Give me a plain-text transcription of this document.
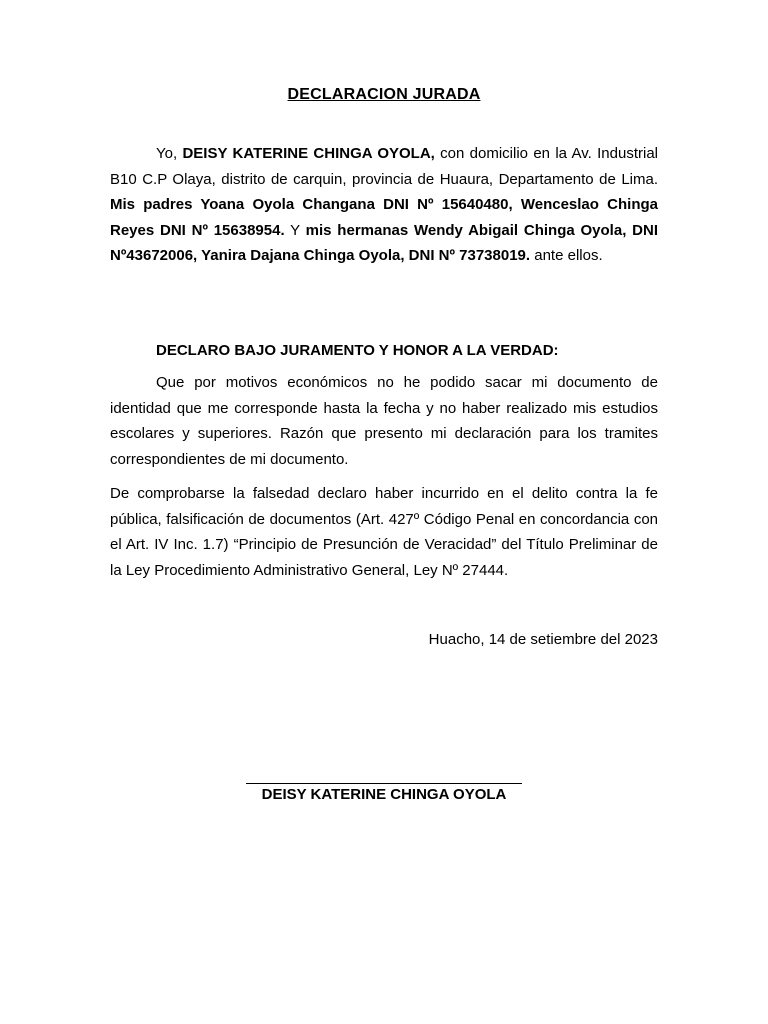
DECLARACION JURADA
Yo, DEISY KATERINE CHINGA OYOLA, con domicilio en la Av. Industrial B10 C.P Olaya, distrito de carquin, provincia de Huaura, Departamento de Lima. Mis padres Yoana Oyola Changana DNI Nº 15640480, Wenceslao Chinga Reyes DNI Nº 15638954. Y mis hermanas Wendy Abigail Chinga Oyola, DNI Nº43672006, Yanira Dajana Chinga Oyola, DNI Nº 73738019. ante ellos.
DECLARO BAJO JURAMENTO Y HONOR A LA VERDAD:
Que por motivos económicos no he podido sacar mi documento de identidad que me corresponde hasta la fecha y no haber realizado mis estudios escolares y superiores. Razón que presento mi declaración para los tramites correspondientes de mi documento.
De comprobarse la falsedad declaro haber incurrido en el delito contra la fe pública, falsificación de documentos (Art. 427º Código Penal en concordancia con el Art. IV Inc. 1.7) “Principio de Presunción de Veracidad” del Título Preliminar de la Ley Procedimiento Administrativo General, Ley Nº 27444.
Huacho, 14 de setiembre del 2023
DEISY KATERINE CHINGA OYOLA
